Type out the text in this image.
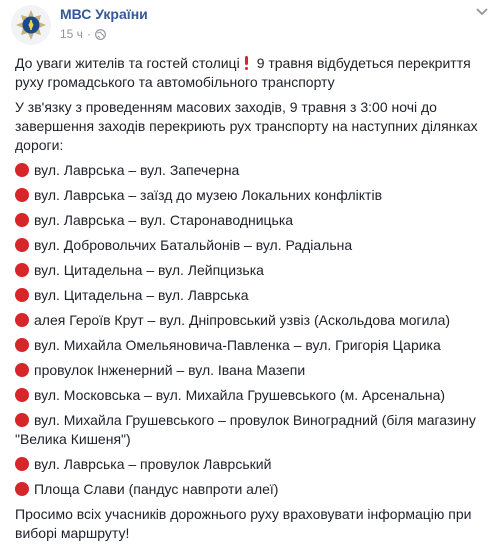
МВС України
15 ч ·

До уваги жителів та гостей столиці 9 травня відбудеться перекриття руху громадського та автомобільного транспорту

У зв'язку з проведенням масових заходів, 9 травня з 3:00 ночі до завершення заходів перекриють рух транспорту на наступних ділянках дороги:

вул. Лаврська – вул. Запечерна
вул. Лаврська – заїзд до музею Локальних конфліктів
вул. Лаврська – вул. Старонаводницька
вул. Добровольчих Батальйонів – вул. Радіальна
вул. Цитадельна – вул. Лейпцизька
вул. Цитадельна – вул. Лаврська
алея Героїв Крут – вул. Дніпровський узвіз (Аскольдова могила)
вул. Михайла Омельяновича-Павленка – вул. Григорія Царика
провулок Інженерний – вул. Івана Мазепи
вул. Московська – вул. Михайла Грушевського (м. Арсенальна)
вул. Михайла Грушевського – провулок Виноградний (біля магазину "Велика Кишеня")
вул. Лаврська – провулок Лаврський
Площа Слави (пандус навпроти алеї)

Просимо всіх учасників дорожнього руху враховувати інформацію при виборі маршруту!
